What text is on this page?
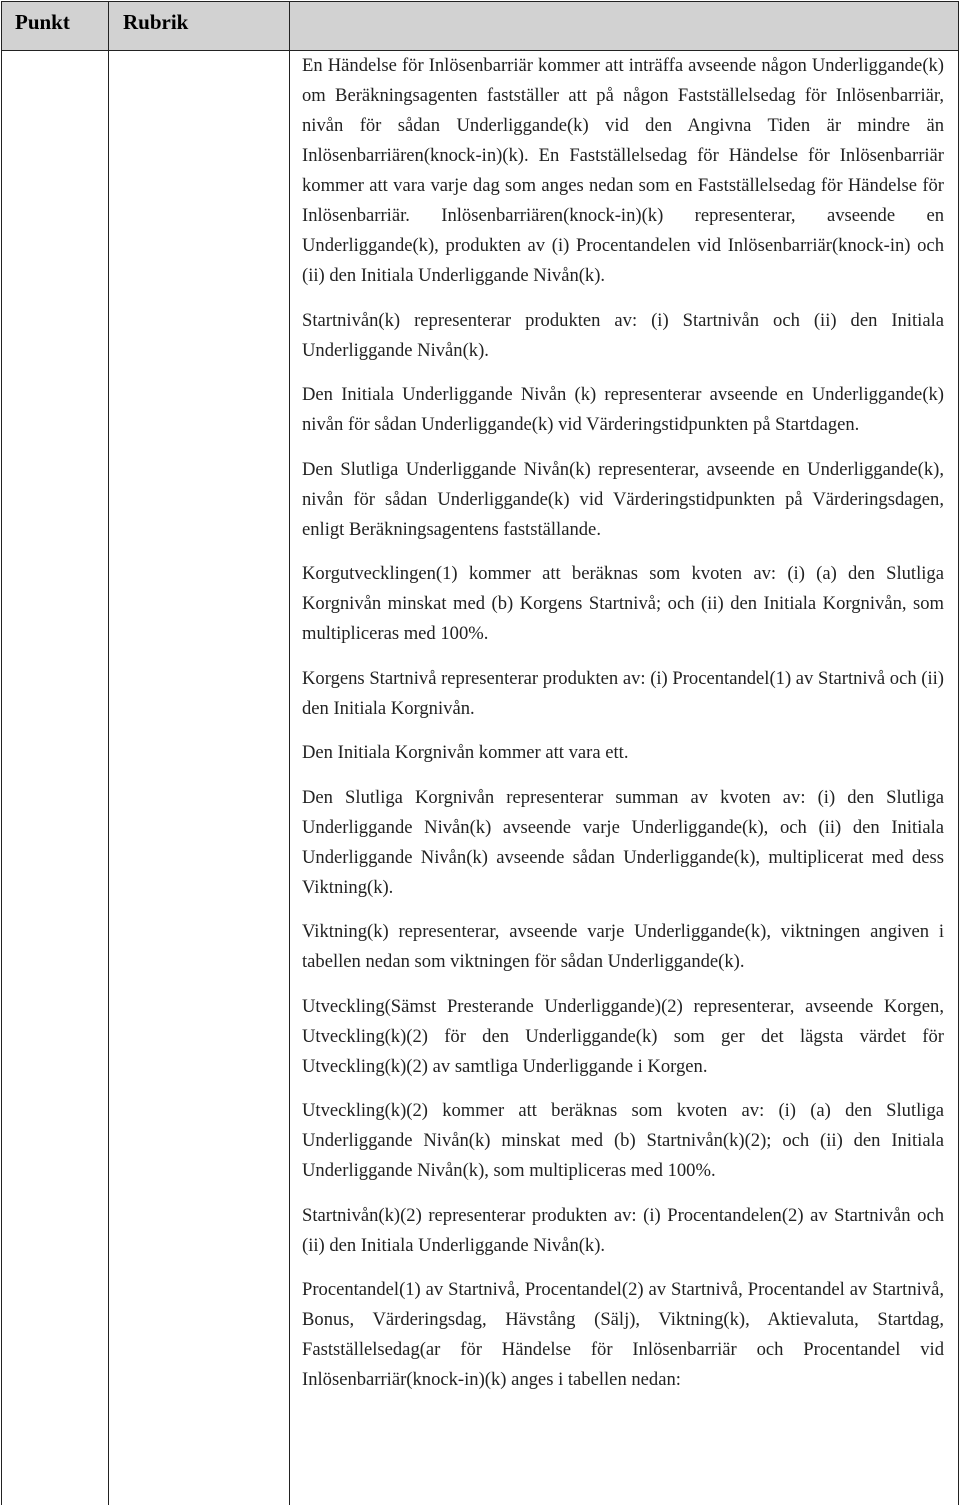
Punkt	Rubrik

En Händelse för Inlösenbarriär kommer att inträffa avseende någon Underliggande(k) om Beräkningsagenten fastställer att på någon Fastställelsedag för Inlösenbarriär, nivån för sådan Underliggande(k) vid den Angivna Tiden är mindre än Inlösenbarriären(knock-in)(k). En Fastställelsedag för Händelse för Inlösenbarriär kommer att vara varje dag som anges nedan som en Fastställelsedag för Händelse för Inlösenbarriär. Inlösenbarriären(knock-in)(k) representerar, avseende en Underliggande(k), produkten av (i) Procentandelen vid Inlösenbarriär(knock-in) och (ii) den Initiala Underliggande Nivån(k).

Startnivån(k) representerar produkten av: (i) Startnivån och (ii) den Initiala Underliggande Nivån(k).

Den Initiala Underliggande Nivån (k) representerar avseende en Underliggande(k) nivån för sådan Underliggande(k) vid Värderingstidpunkten på Startdagen.

Den Slutliga Underliggande Nivån(k) representerar, avseende en Underliggande(k), nivån för sådan Underliggande(k) vid Värderingstidpunkten på Värderingsdagen, enligt Beräkningsagentens fastställande.

Korgutvecklingen(1) kommer att beräknas som kvoten av: (i) (a) den Slutliga Korgnivån minskat med (b) Korgens Startnivå; och (ii) den Initiala Korgnivån, som multipliceras med 100%.

Korgens Startnivå representerar produkten av: (i) Procentandel(1) av Startnivå och (ii) den Initiala Korgnivån.

Den Initiala Korgnivån kommer att vara ett.

Den Slutliga Korgnivån representerar summan av kvoten av: (i) den Slutliga Underliggande Nivån(k) avseende varje Underliggande(k), och (ii) den Initiala Underliggande Nivån(k) avseende sådan Underliggande(k), multiplicerat med dess Viktning(k).

Viktning(k) representerar, avseende varje Underliggande(k), viktningen angiven i tabellen nedan som viktningen för sådan Underliggande(k).

Utveckling(Sämst Presterande Underliggande)(2) representerar, avseende Korgen, Utveckling(k)(2) för den Underliggande(k) som ger det lägsta värdet för Utveckling(k)(2) av samtliga Underliggande i Korgen.

Utveckling(k)(2) kommer att beräknas som kvoten av: (i) (a) den Slutliga Underliggande Nivån(k) minskat med (b) Startnivån(k)(2); och (ii) den Initiala Underliggande Nivån(k), som multipliceras med 100%.

Startnivån(k)(2) representerar produkten av: (i) Procentandelen(2) av Startnivån och (ii) den Initiala Underliggande Nivån(k).

Procentandel(1) av Startnivå, Procentandel(2) av Startnivå, Procentandel av Startnivå, Bonus, Värderingsdag, Hävstång (Sälj), Viktning(k), Aktievaluta, Startdag, Fastställelsedag(ar för Händelse för Inlösenbarriär och Procentandel vid Inlösenbarriär(knock-in)(k) anges i tabellen nedan:
